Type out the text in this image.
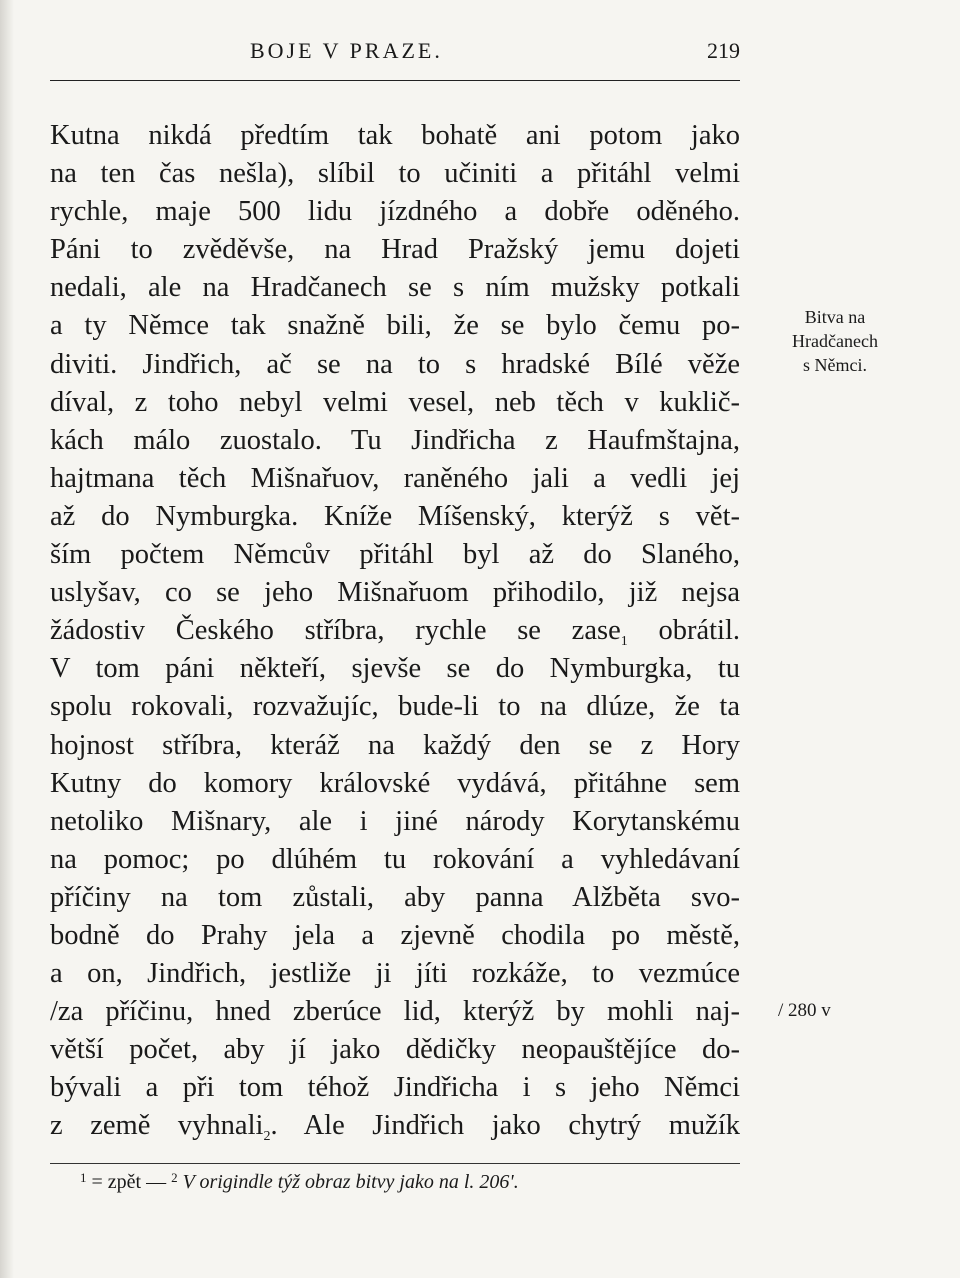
BOJE V PRAZE.	219
Kutna nikdá předtím tak bohatě ani potom jako
na ten čas nešla), slíbil to učiniti a přitáhl velmi
rychle, maje 500 lidu jízdného a dobře oděného.
Páni to zvěděvše, na Hrad Pražský jemu dojeti
nedali, ale na Hradčanech se s ním mužsky potkali
a ty Němce tak snažně bili, že se bylo čemu po-
diviti. Jindřich, ač se na to s hradské Bílé věže
díval, z toho nebyl velmi vesel, neb těch v kuklič-
kách málo zuostalo. Tu Jindřicha z Haufmštajna,
hajtmana těch Mišnařuov, raněného jali a vedli jej
až do Nymburgka. Kníže Míšenský, kterýž s vět-
ším počtem Němcův přitáhl byl až do Slaného,
uslyšav, co se jeho Mišnařuom přihodilo, již nejsa
žádostiv Českého stříbra, rychle se zase$_1$ obrátil.
V tom páni někteří, sjevše se do Nymburgka, tu
spolu rokovali, rozvažujíc, bude-li to na dlúze, že ta
hojnost stříbra, kteráž na každý den se z Hory
Kutny do komory královské vydává, přitáhne sem
netoliko Mišnary, ale i jiné národy Korytanskému
na pomoc; po dlúhém tu rokování a vyhledávaní
příčiny na tom zůstali, aby panna Alžběta svo-
bodně do Prahy jela a zjevně chodila po městě,
a on, Jindřich, jestliže ji jíti rozkáže, to vezmúce
/za příčinu, hned zberúce lid, kterýž by mohli naj-
větší počet, aby jí jako dědičky neopauštějíce do-
bývali a při tom téhož Jindřicha i s jeho Němci
z země vyhnali$_2$. Ale Jindřich jako chytrý mužík
Bitva na
Hradčanech
s Němci.
/ 280 v
$^1$ = zpět — $^2$ V origindle týž obraz bitvy jako na l. 206'.
